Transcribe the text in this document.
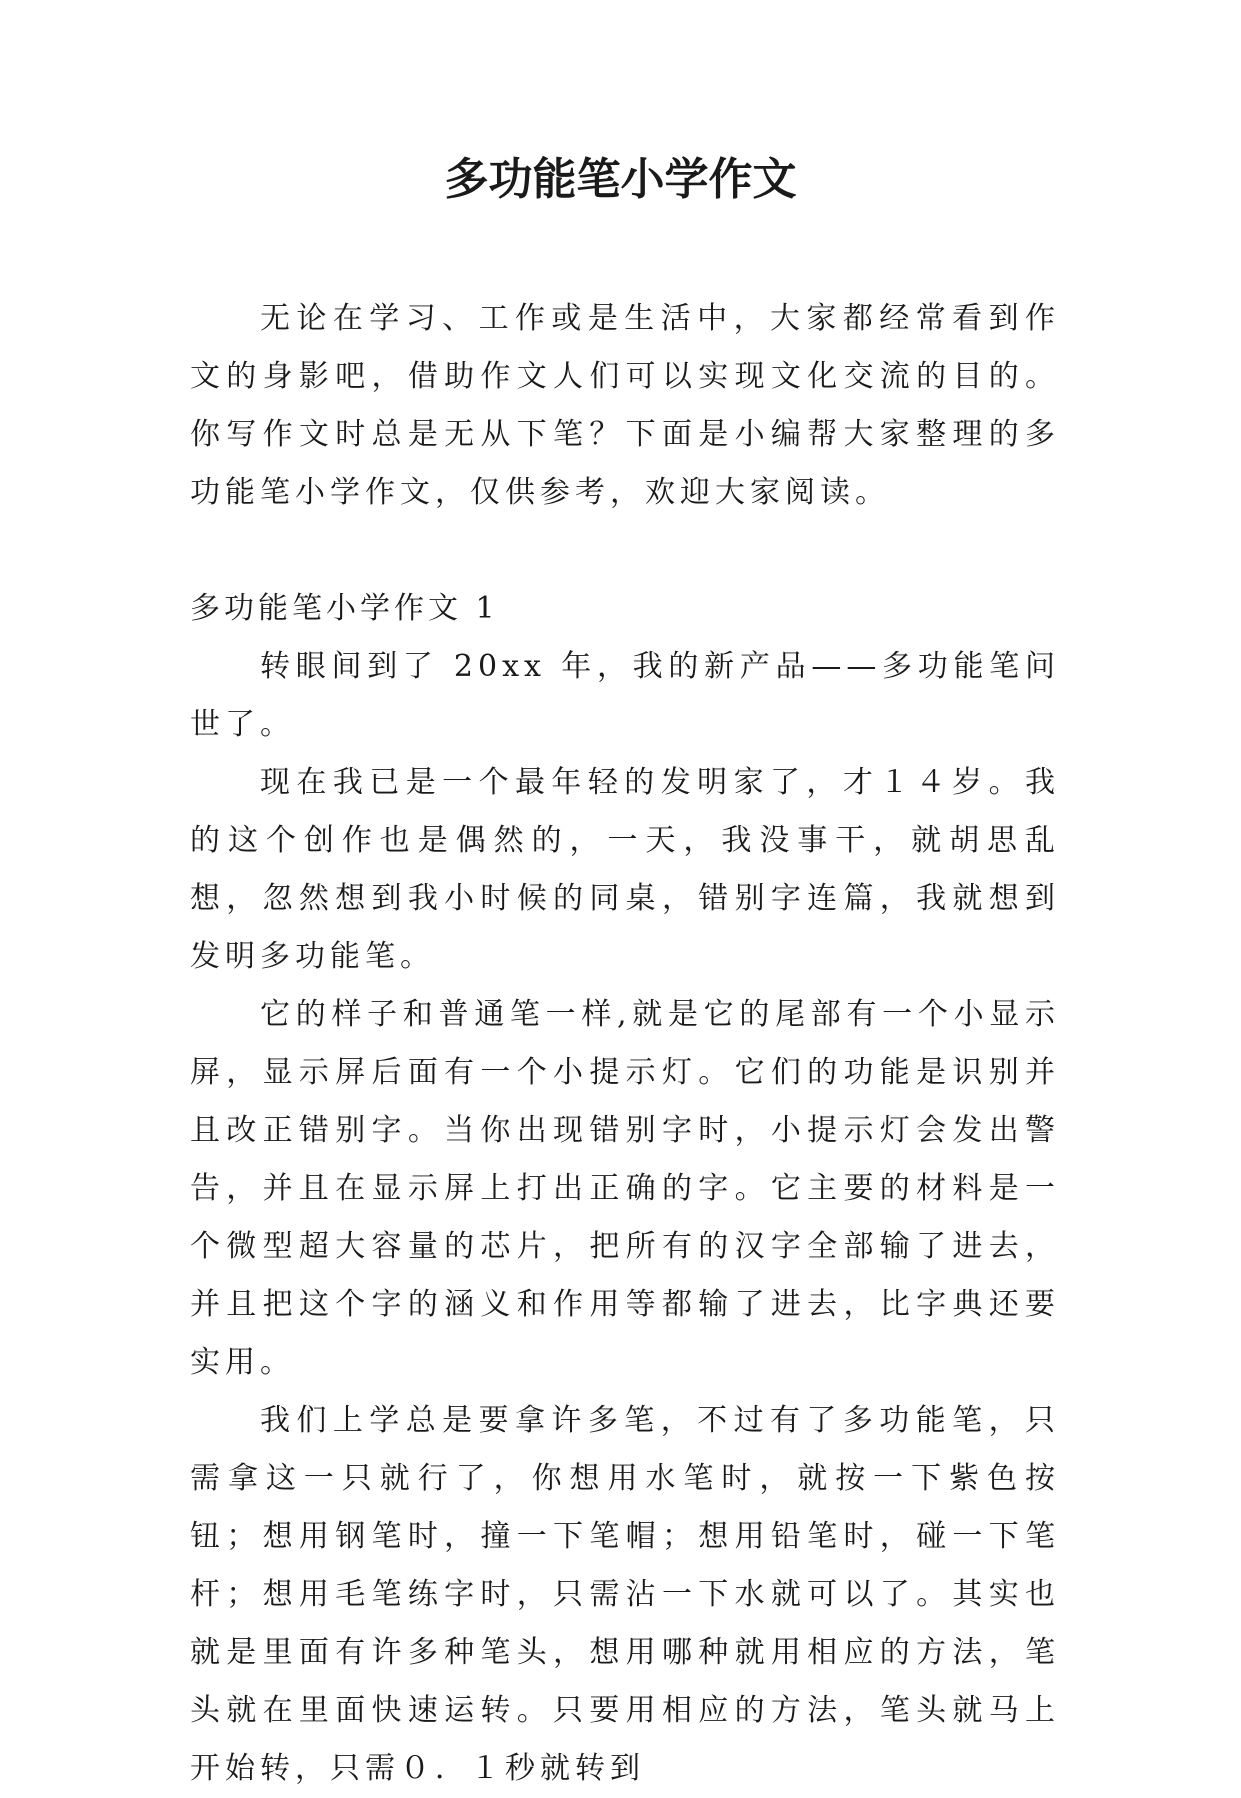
多功能笔小学作文

无论在学习、工作或是生活中，大家都经常看到作文的身影吧，借助作文人们可以实现文化交流的目的。你写作文时总是无从下笔？下面是小编帮大家整理的多功能笔小学作文，仅供参考，欢迎大家阅读。

多功能笔小学作文 1

转眼间到了 20xx 年，我的新产品——多功能笔问世了。

现在我已是一个最年轻的发明家了，才１４岁。我的这个创作也是偶然的，一天，我没事干，就胡思乱想，忽然想到我小时候的同桌，错别字连篇，我就想到发明多功能笔。

它的样子和普通笔一样,就是它的尾部有一个小显示屏，显示屏后面有一个小提示灯。它们的功能是识别并且改正错别字。当你出现错别字时，小提示灯会发出警告，并且在显示屏上打出正确的字。它主要的材料是一个微型超大容量的芯片，把所有的汉字全部输了进去，并且把这个字的涵义和作用等都输了进去，比字典还要实用。

我们上学总是要拿许多笔，不过有了多功能笔，只需拿这一只就行了，你想用水笔时，就按一下紫色按钮；想用钢笔时，撞一下笔帽；想用铅笔时，碰一下笔杆；想用毛笔练字时，只需沾一下水就可以了。其实也就是里面有许多种笔头，想用哪种就用相应的方法，笔头就在里面快速运转。只要用相应的方法，笔头就马上开始转，只需０．１秒就转到
